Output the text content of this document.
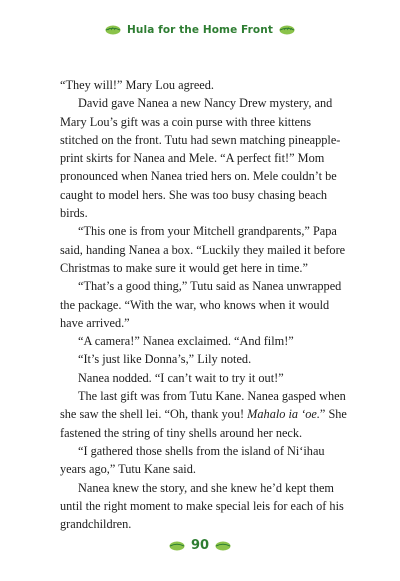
Hula for the Home Front

“They will!” Mary Lou agreed.

David gave Nanea a new Nancy Drew mystery, and Mary Lou’s gift was a coin purse with three kittens stitched on the front. Tutu had sewn matching pineapple-print skirts for Nanea and Mele. “A perfect fit!” Mom pronounced when Nanea tried hers on. Mele couldn’t be caught to model hers. She was too busy chasing beach birds.

“This one is from your Mitchell grandparents,” Papa said, handing Nanea a box. “Luckily they mailed it before Christmas to make sure it would get here in time.”

“That’s a good thing,” Tutu said as Nanea unwrapped the package. “With the war, who knows when it would have arrived.”

“A camera!” Nanea exclaimed. “And film!”

“It’s just like Donna’s,” Lily noted.

Nanea nodded. “I can’t wait to try it out!”

The last gift was from Tutu Kane. Nanea gasped when she saw the shell lei. “Oh, thank you! Mahalo ia ʻoe.” She fastened the string of tiny shells around her neck.

“I gathered those shells from the island of Ni‘ihau years ago,” Tutu Kane said.

Nanea knew the story, and she knew he’d kept them until the right moment to make special leis for each of his grandchildren.

90
